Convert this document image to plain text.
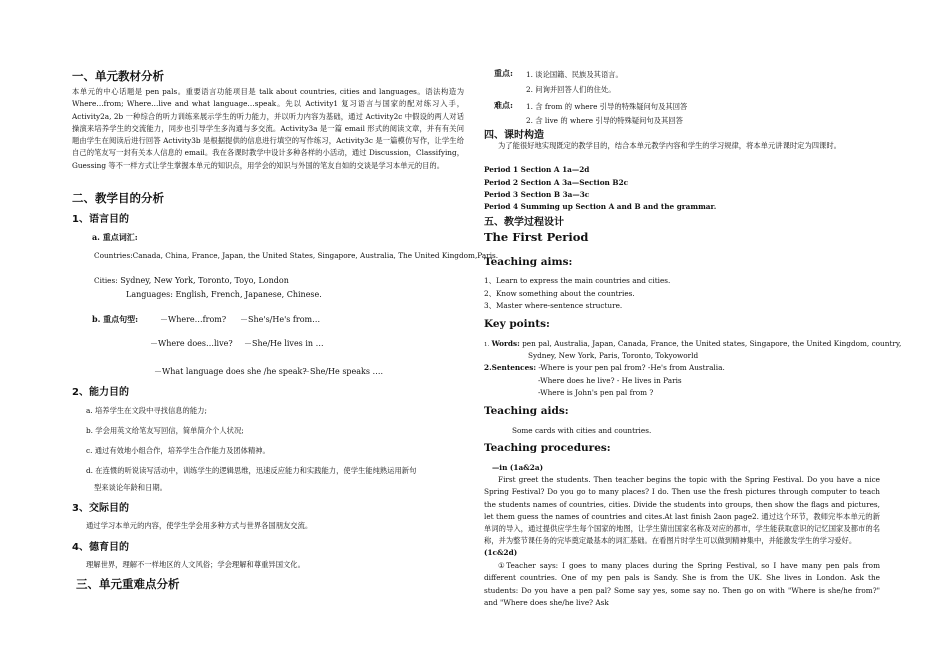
一、单元教材分析
本单元的中心话题是 pen pals。重要语言功能项目是 talk about countries, cities and languages。语法构造为 Where…from; Where…live and what language…speak。先以 Activity1 复习语言与国家的配对练习入手，Activity2a, 2b 一种综合的听力训练来展示学生的听力能力，并以听力内容为基础，通过 Activity2c 中假设的两人对话操演来培养学生的交流能力，同步也引导学生多沟通与多交流。Activity3a 是一篇 email 形式的阅读文章，并有有关问题由学生在阅读后进行回答 Activity3b 是根据提供的信息进行填空的写作练习，Activity3c 是一篇模仿写作，让学生给自己的笔友写一封有关本人信息的 email。我在各课时教学中设计多种各样的小活动，通过 Discussion，Classifying，Guessing 等不一样方式让学生掌握本单元的知识点，用学会的知识与外国的笔友自如的交谈是学习本单元的目的。
二、教学目的分析
1、语言目的
a. 重点词汇:
Countries:Canada, China, France, Japan, the United States, Singapore, Australia, The United Kingdom,Paris.
Cities: Sydney, New York, Toronto, Toyo, London
Languages: English, French, Japanese, Chinese.
b. 重点句型:	－Where…from? －She's/He's from…
－Where does…live? －She/He lives in …
－What language does she /he speak?
－She/He speaks ….
2、能力目的
a. 培养学生在文段中寻找信息的能力;
b. 学会用英文给笔友写回信，简单简介个人状况;
c. 通过有效地小组合作，培养学生合作能力及团体精神。
d. 在连惯的听说读写活动中，训练学生的逻辑思维，迅速反应能力和实践能力，使学生能纯熟运用新句
型来谈论年龄和日期。
3、交际目的
通过学习本单元的内容，使学生学会用多种方式与世界各国朋友交流。
4、德育目的
理解世界，理解不一样地区的人文风俗；学会理解和尊重异国文化。
三、单元重难点分析
重点: 1. 谈论国籍、民族及其语言。
2. 问询并回答人们的住处。
难点: 1. 含 from 的 where 引导的特殊疑问句及其回答
2. 含 live 的 where 引导的特殊疑问句及其回答
四、课时构造
为了能很好地实现既定的教学目的，结合本单元教学内容和学生的学习规律，将本单元讲课时定为四课时。
Period 1 Section A 1a—2d
Period 2 Section A 3a—Section B2c
Period 3 Section B 3a—3c
Period 4 Summing up Section A and B and the grammar.
五、教学过程设计
The First Period
Teaching aims:
1、Learn to express the main countries and cities.
2、Know something about the countries.
3、Master where-sentence structure.
Key points:
1. Words: pen pal, Australia, Japan, Canada, France, the United states, Singapore, the United Kingdom, country,
Sydney, New York, Paris, Toronto, Tokyoworld
2.Sentences: -Where is your pen pal from? -He's from Australia.
-Where does he live? - He lives in Paris
-Where is John's pen pal from ?
Teaching aids:
Some cards with cities and countries.
Teaching procedures:
—in (1a&2a)
First greet the students. Then teacher begins the topic with the Spring Festival. Do you have a nice Spring Festival? Do you go to many places? I do. Then use the fresh pictures through computer to teach the students names of countries, cities. Divide the students into groups, then show the flags and pictures, let them guess the names of countries and cites.At last finish 2aon page2. 通过这个环节，教师完毕本单元的新单词的导入，通过提供应学生每个国家的地图，让学生猜出国家名称及对应的都市，学生能获取意识的记忆国家及都市的名称，并为整节课任务的完毕奠定最基本的词汇基础。在看图片时学生可以做到精神集中，并能激发学生的学习爱好。
(1c&2d)
①Teacher says: I goes to many places during the Spring Festival, so I have many pen pals from different countries. One of my pen pals is Sandy. She is from the UK. She lives in London. Ask the students: Do you have a pen pal? Some say yes, some say no. Then go on with "Where is she/he from?" and "Where does she/he live? Ask
